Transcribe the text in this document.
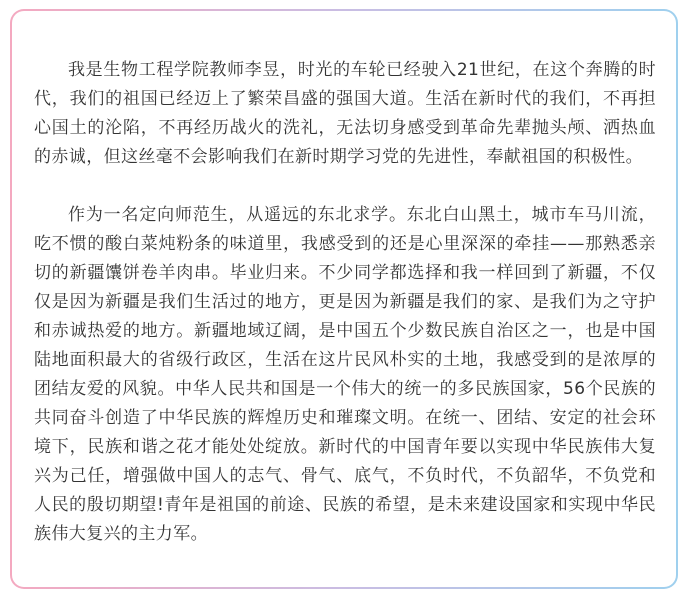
我是生物工程学院教师李昱，时光的车轮已经驶入21世纪，在这个奔腾的时代，我们的祖国已经迈上了繁荣昌盛的强国大道。生活在新时代的我们，不再担心国土的沦陷，不再经历战火的洗礼，无法切身感受到革命先辈抛头颅、洒热血的赤诚，但这丝毫不会影响我们在新时期学习党的先进性，奉献祖国的积极性。

作为一名定向师范生，从遥远的东北求学。东北白山黑土，城市车马川流，吃不惯的酸白菜炖粉条的味道里，我感受到的还是心里深深的牵挂——那熟悉亲切的新疆馕饼卷羊肉串。毕业归来。不少同学都选择和我一样回到了新疆，不仅仅是因为新疆是我们生活过的地方，更是因为新疆是我们的家、是我们为之守护和赤诚热爱的地方。新疆地域辽阔，是中国五个少数民族自治区之一，也是中国陆地面积最大的省级行政区，生活在这片民风朴实的土地，我感受到的是浓厚的团结友爱的风貌。中华人民共和国是一个伟大的统一的多民族国家，56个民族的共同奋斗创造了中华民族的辉煌历史和璀璨文明。在统一、团结、安定的社会环境下，民族和谐之花才能处处绽放。新时代的中国青年要以实现中华民族伟大复兴为己任，增强做中国人的志气、骨气、底气，不负时代，不负韶华，不负党和人民的殷切期望!青年是祖国的前途、民族的希望，是未来建设国家和实现中华民族伟大复兴的主力军。
